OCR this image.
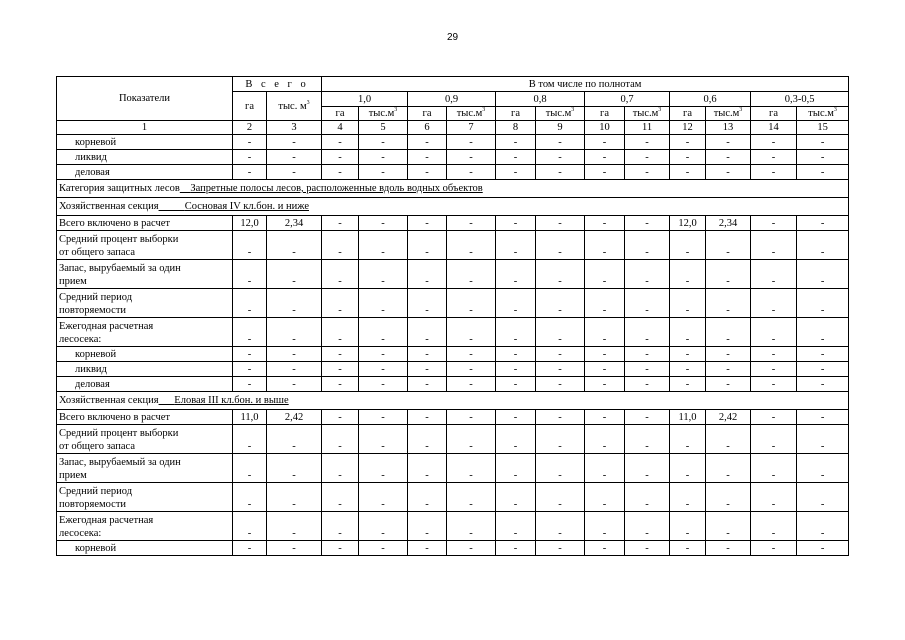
29
Показатели	В с е г о		В том числе по полнотам											
	га	тыс. $м^3$	1,0		0,9		0,8		0,7		0,6		0,3-0,5	
			га	$тыс.м^3$	га	$тыс.м^3$	га	$тыс.м^3$	га	$тыс.м^3$	га	$тыс.м^3$	га	$тыс.м^3$
1	2	3	4	5	6	7	8	9	10	11	12	13	14	15
корневой	-	-	-	-	-	-	-	-	-	-	-	-	-	-
ликвид	-	-	-	-	-	-	-	-	-	-	-	-	-	-
деловая	-	-	-	-	-	-	-	-	-	-	-	-	-	-
Категория защитных лесов Запретные полосы лесов, расположенные вдоль водных объектов														
Хозяйственная секция Сосновая IV кл.бон. и ниже														
Всего включено в расчет	12,0	2,34	-	-	-	-	-	-	-	-	12,0	2,34	-	-

Средний процент выборки
от общего запаса	-	-	-	-	-	-	-	-	-	-	-	-	-	-

Запас, вырубаемый за один
прием	-	-	-	-	-	-	-	-	-	-	-	-	-	-

Средний период
повторяемости	-	-	-	-	-	-	-	-	-	-	-	-	-	-

Ежегодная расчетная
лесосека:	-	-	-	-	-	-	-	-	-	-	-	-	-	-
корневой	-	-	-	-	-	-	-	-	-	-	-	-	-	-
ликвид	-	-	-	-	-	-	-	-	-	-	-	-	-	-
деловая	-	-	-	-	-	-	-	-	-	-	-	-	-	-
Хозяйственная секция Еловая III кл.бон. и выше														
Всего включено в расчет	11,0	2,42	-	-	-	-	-	-	-	-	11,0	2,42	-	-

Средний процент выборки
от общего запаса	-	-	-	-	-	-	-	-	-	-	-	-	-	-

Запас, вырубаемый за один
прием	-	-	-	-	-	-	-	-	-	-	-	-	-	-

Средний период
повторяемости	-	-	-	-	-	-	-	-	-	-	-	-	-	-

Ежегодная расчетная
лесосека:	-	-	-	-	-	-	-	-	-	-	-	-	-	-
корневой	-	-	-	-	-	-	-	-	-	-	-	-	-	-
